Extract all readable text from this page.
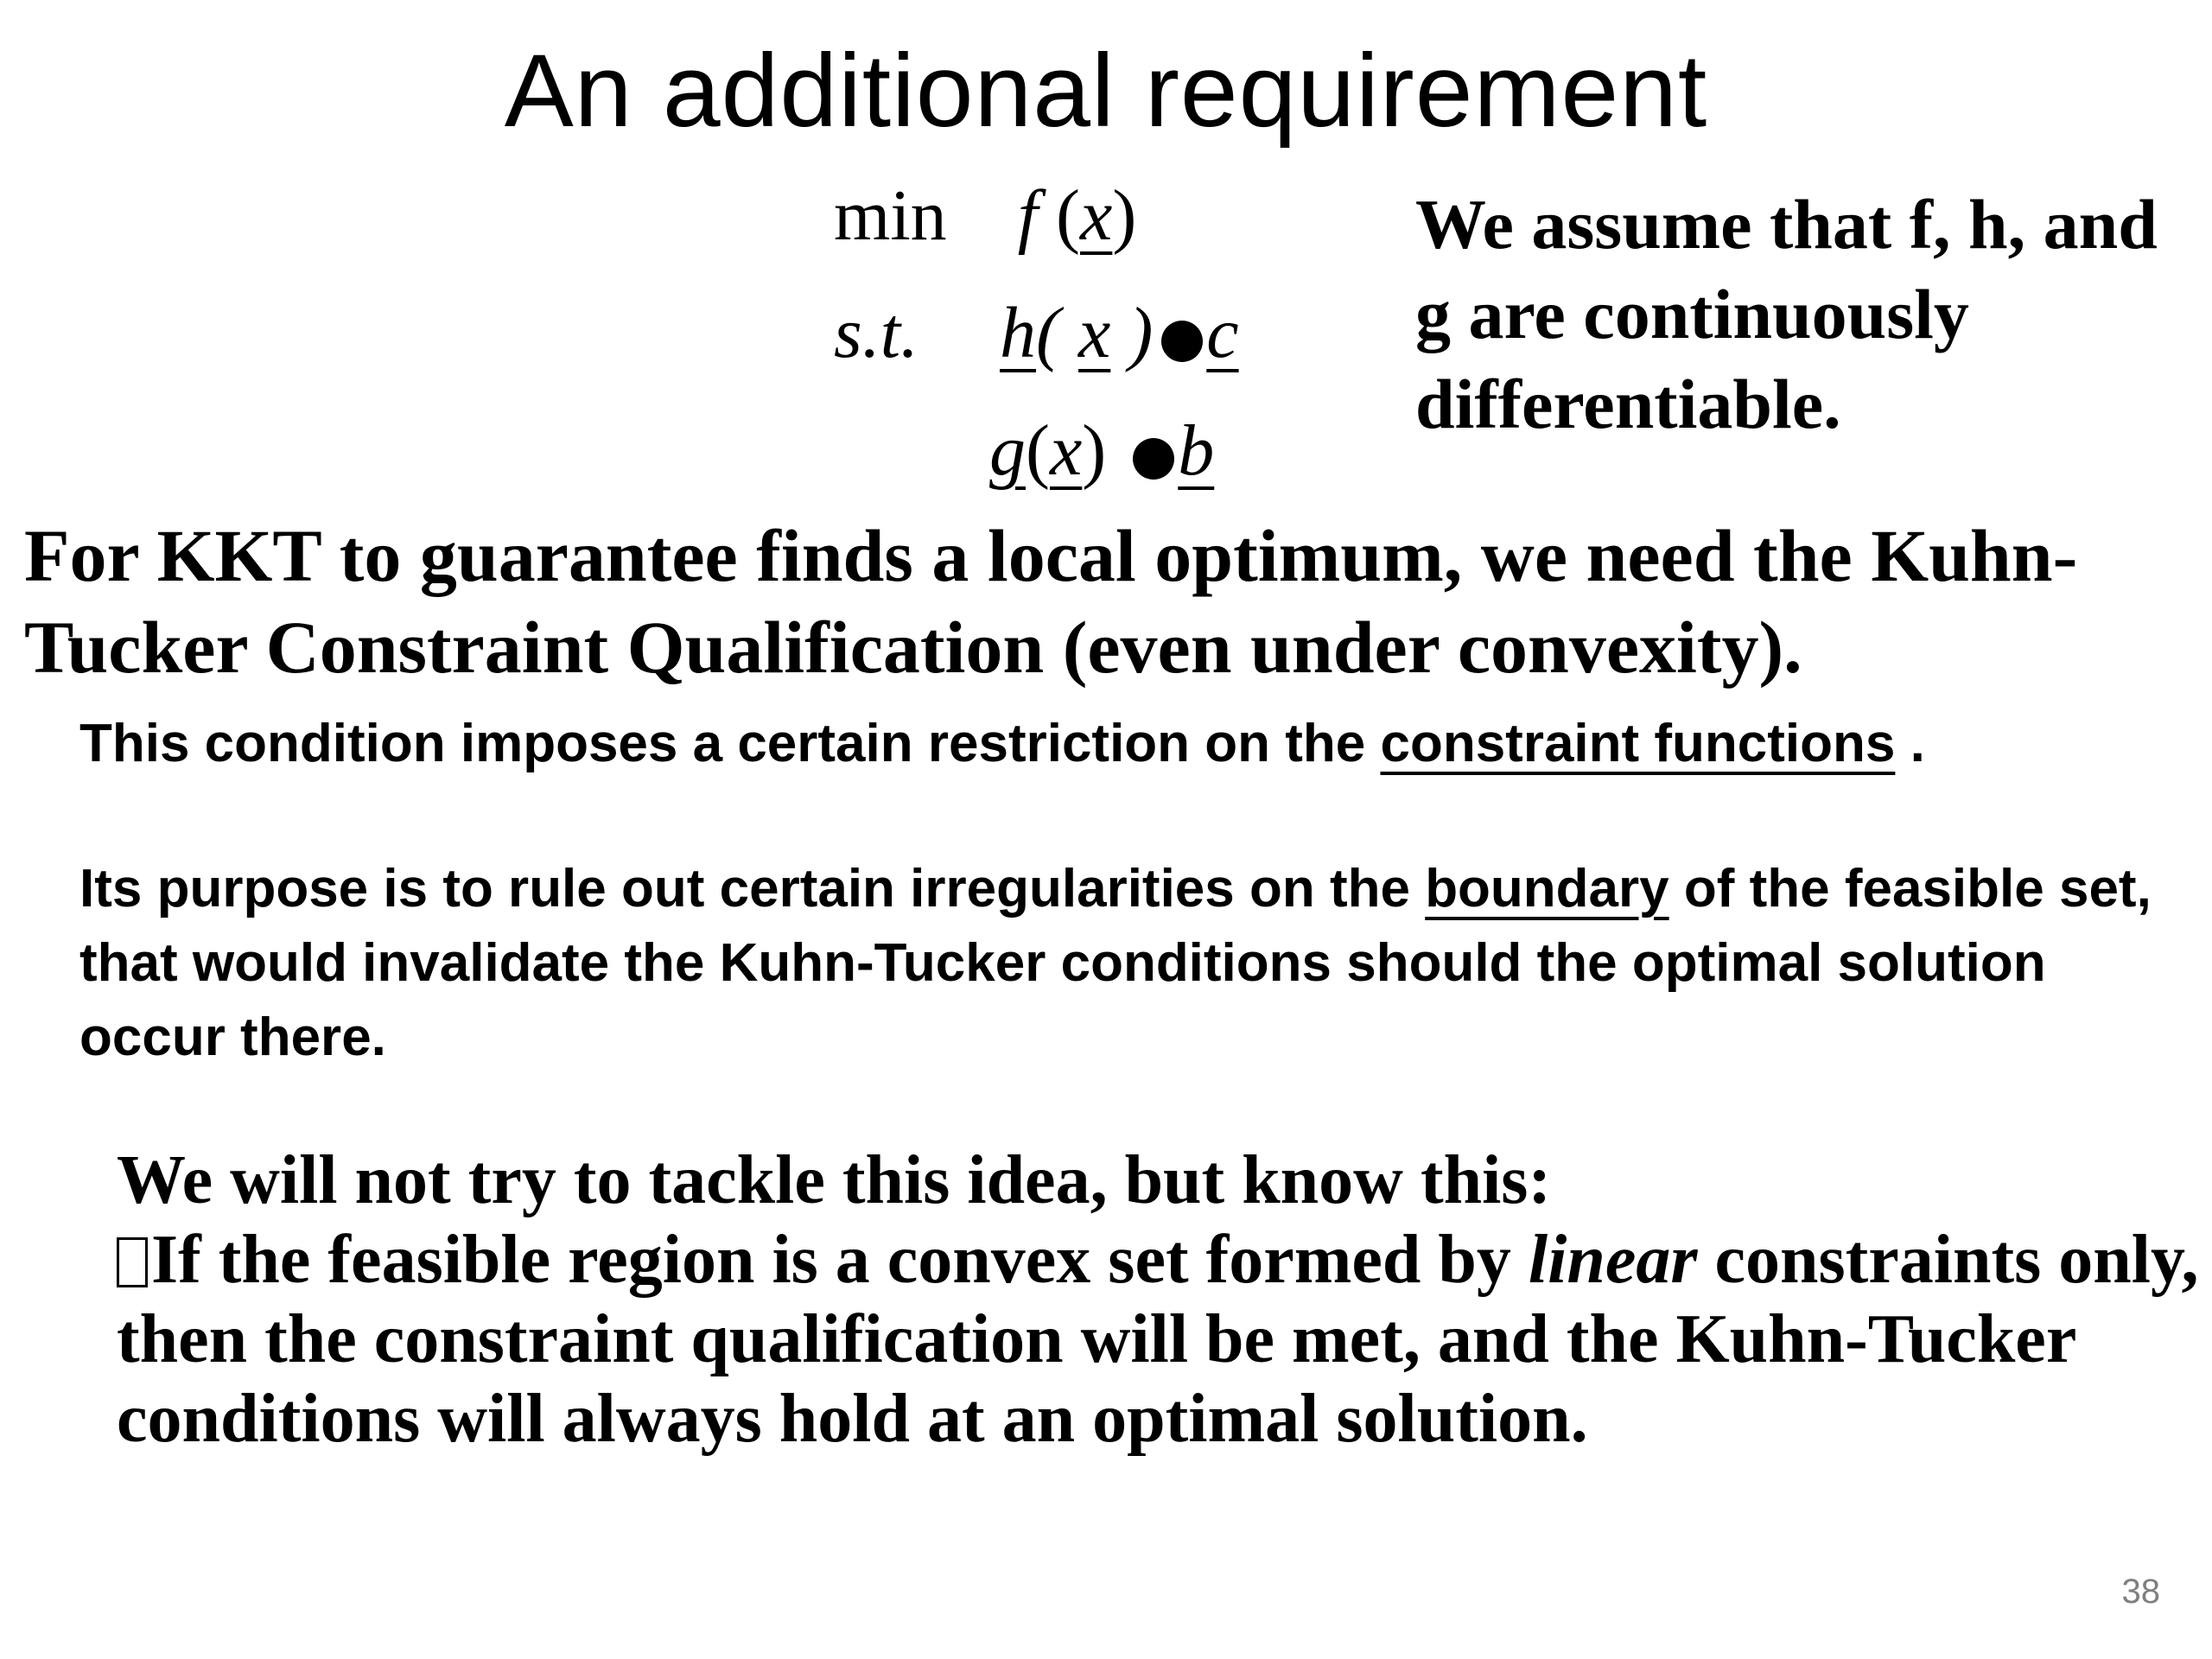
An additional requirement
min f (x)
s.t. h( x ) c
g(x) b
We assume that f, h, and g are continuously differentiable.
For KKT to guarantee finds a local optimum, we need the Kuhn-Tucker Constraint Qualification (even under convexity).
This condition imposes a certain restriction on the constraint functions .
Its purpose is to rule out certain irregularities on the boundary of the feasible set, that would invalidate the Kuhn-Tucker conditions should the optimal solution occur there.

We will not try to tackle this idea, but know this:

If the feasible region is a convex set formed by linear constraints only, then the constraint qualification will be met, and the Kuhn-Tucker conditions will always hold at an optimal solution.

38
